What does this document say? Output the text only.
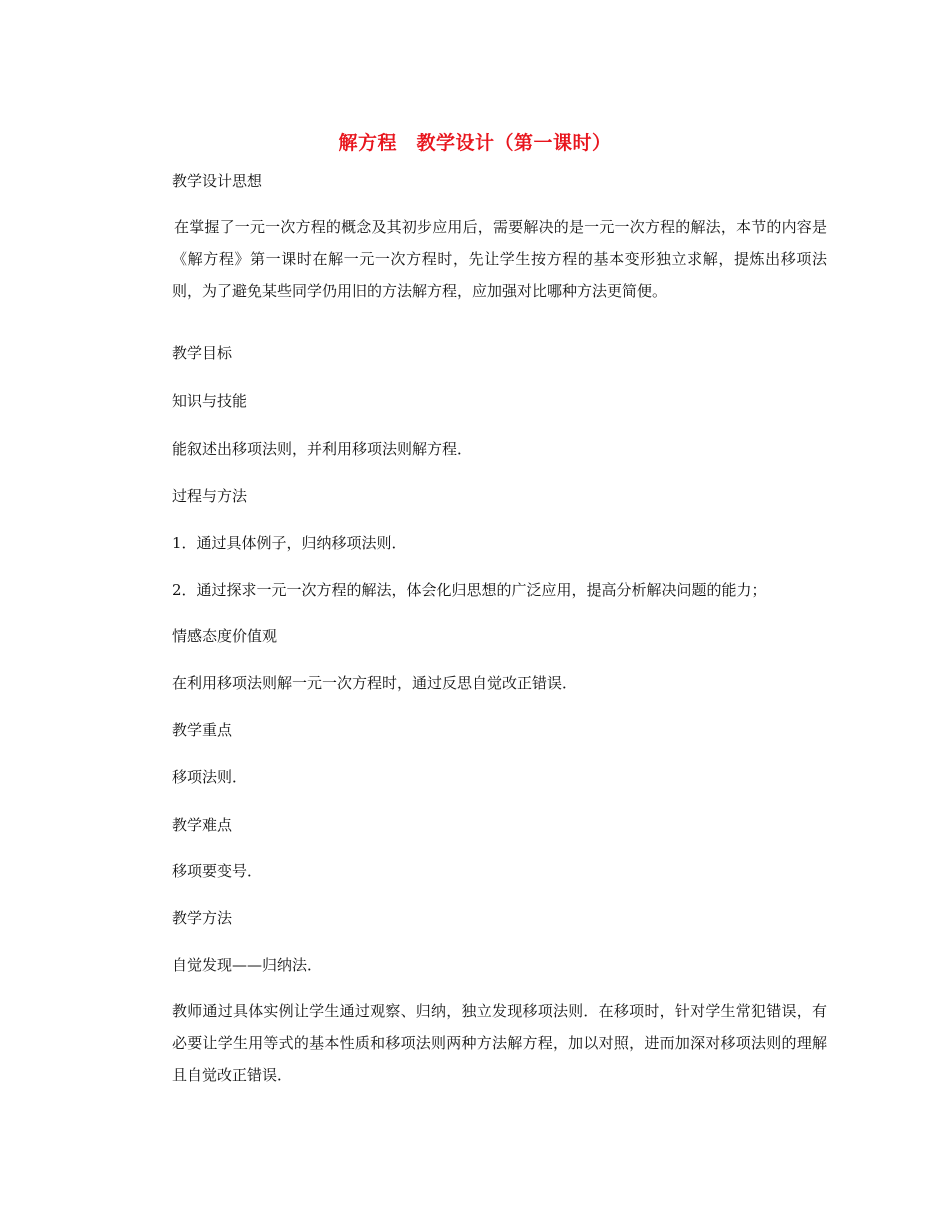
解方程　教学设计（第一课时）
教学设计思想
在掌握了一元一次方程的概念及其初步应用后，需要解决的是一元一次方程的解法，本节的内容是《解方程》第一课时在解一元一次方程时，先让学生按方程的基本变形独立求解，提炼出移项法则，为了避免某些同学仍用旧的方法解方程，应加强对比哪种方法更简便。
教学目标
知识与技能
能叙述出移项法则，并利用移项法则解方程．
过程与方法
1．通过具体例子，归纳移项法则．
2．通过探求一元一次方程的解法，体会化归思想的广泛应用，提高分析解决问题的能力；
情感态度价值观
在利用移项法则解一元一次方程时，通过反思自觉改正错误．
教学重点
移项法则．
教学难点
移项要变号．
教学方法
自觉发现——归纳法．
教师通过具体实例让学生通过观察、归纳，独立发现移项法则．在移项时，针对学生常犯错误，有必要让学生用等式的基本性质和移项法则两种方法解方程，加以对照，进而加深对移项法则的理解且自觉改正错误．
